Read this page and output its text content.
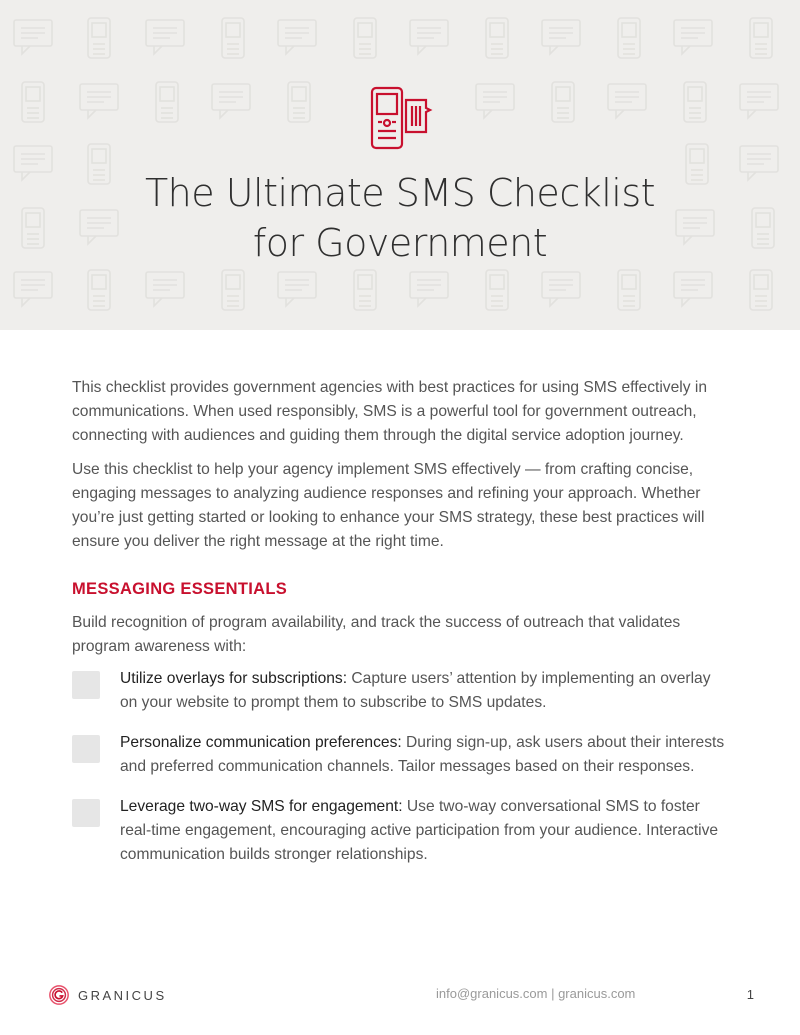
The Ultimate SMS Checklist
for Government

This checklist provides government agencies with best practices for using SMS effectively in communications. When used responsibly, SMS is a powerful tool for government outreach, connecting with audiences and guiding them through the digital service adoption journey.

Use this checklist to help your agency implement SMS effectively — from crafting concise, engaging messages to analyzing audience responses and refining your approach. Whether you’re just getting started or looking to enhance your SMS strategy, these best practices will ensure you deliver the right message at the right time.

MESSAGING ESSENTIALS

Build recognition of program availability, and track the success of outreach that validates program awareness with:

Utilize overlays for subscriptions: Capture users’ attention by implementing an overlay on your website to prompt them to subscribe to SMS updates.

Personalize communication preferences: During sign-up, ask users about their interests and preferred communication channels. Tailor messages based on their responses.

Leverage two-way SMS for engagement: Use two-way conversational SMS to foster real-time engagement, encouraging active participation from your audience. Interactive communication builds stronger relationships.

GRANICUS	info@granicus.com | granicus.com	1
